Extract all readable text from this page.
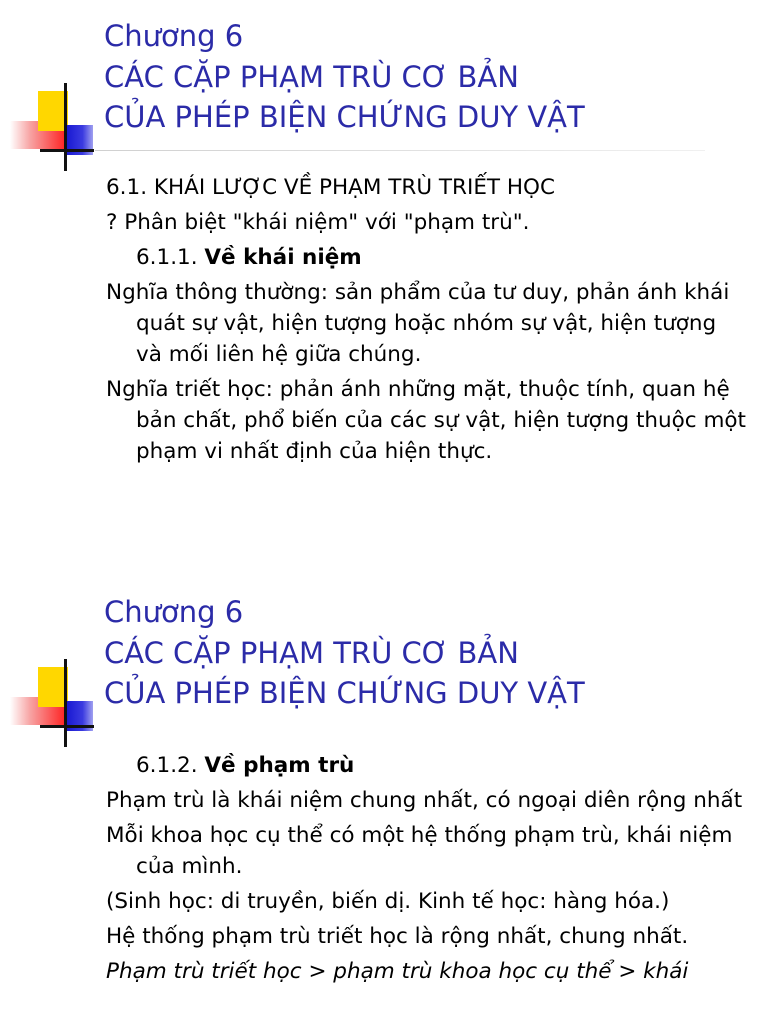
Chương 6
CÁC CẶP PHẠM TRÙ CƠ BẢN
CỦA PHÉP BIỆN CHỨNG DUY VẬT

6.1. KHÁI LƯỢC VỀ PHẠM TRÙ TRIẾT HỌC

? Phân biệt "khái niệm" với "phạm trù".

6.1.1. Về khái niệm

Nghĩa thông thường: sản phẩm của tư duy, phản ánh khái quát sự vật, hiện tượng hoặc nhóm sự vật, hiện tượng và mối liên hệ giữa chúng.

Nghĩa triết học: phản ánh những mặt, thuộc tính, quan hệ bản chất, phổ biến của các sự vật, hiện tượng thuộc một phạm vi nhất định của hiện thực.

Chương 6
CÁC CẶP PHẠM TRÙ CƠ BẢN
CỦA PHÉP BIỆN CHỨNG DUY VẬT

6.1.2. Về phạm trù

Phạm trù là khái niệm chung nhất, có ngoại diên rộng nhất

Mỗi khoa học cụ thể có một hệ thống phạm trù, khái niệm của mình.

(Sinh học: di truyền, biến dị. Kinh tế học: hàng hóa.)

Hệ thống phạm trù triết học là rộng nhất, chung nhất.

Phạm trù triết học > phạm trù khoa học cụ thể > khái
